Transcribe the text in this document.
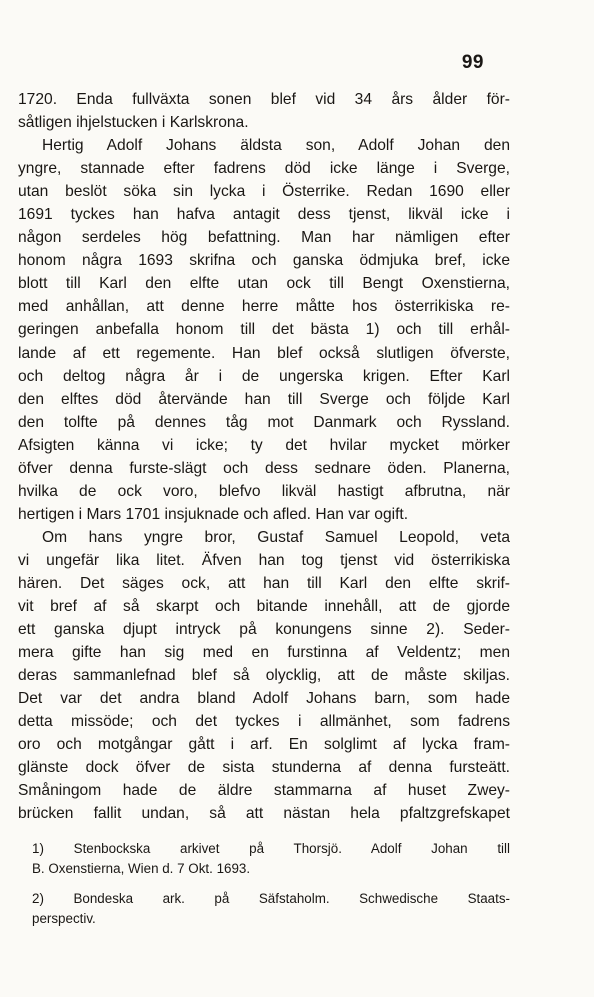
99
1720. Enda fullväxta sonen blef vid 34 års ålder för-
såtligen ihjelstucken i Karlskrona.
Hertig Adolf Johans äldsta son, Adolf Johan den
yngre, stannade efter fadrens död icke länge i Sverge,
utan beslöt söka sin lycka i Österrike. Redan 1690 eller
1691 tyckes han hafva antagit dess tjenst, likväl icke i
någon serdeles hög befattning. Man har nämligen efter
honom några 1693 skrifna och ganska ödmjuka bref, icke
blott till Karl den elfte utan ock till Bengt Oxenstierna,
med anhållan, att denne herre måtte hos österrikiska re-
geringen anbefalla honom till det bästa 1) och till erhål-
lande af ett regemente. Han blef också slutligen öfverste,
och deltog några år i de ungerska krigen. Efter Karl
den elftes död återvände han till Sverge och följde Karl
den tolfte på dennes tåg mot Danmark och Ryssland.
Afsigten känna vi icke; ty det hvilar mycket mörker
öfver denna furste-slägt och dess sednare öden. Planerna,
hvilka de ock voro, blefvo likväl hastigt afbrutna, när
hertigen i Mars 1701 insjuknade och afled. Han var ogift.
Om hans yngre bror, Gustaf Samuel Leopold, veta
vi ungefär lika litet. Äfven han tog tjenst vid österrikiska
hären. Det säges ock, att han till Karl den elfte skrif-
vit bref af så skarpt och bitande innehåll, att de gjorde
ett ganska djupt intryck på konungens sinne 2). Seder-
mera gifte han sig med en furstinna af Veldentz; men
deras sammanlefnad blef så olycklig, att de måste skiljas.
Det var det andra bland Adolf Johans barn, som hade
detta missöde; och det tyckes i allmänhet, som fadrens
oro och motgångar gått i arf. En solglimt af lycka fram-
glänste dock öfver de sista stunderna af denna fursteätt.
Småningom hade de äldre stammarna af huset Zwey-
brücken fallit undan, så att nästan hela pfaltzgrefskapet
1) Stenbockska arkivet på Thorsjö. Adolf Johan till
B. Oxenstierna, Wien d. 7 Okt. 1693.
2) Bondeska ark. på Säfstaholm. Schwedische Staats-
perspectiv.
